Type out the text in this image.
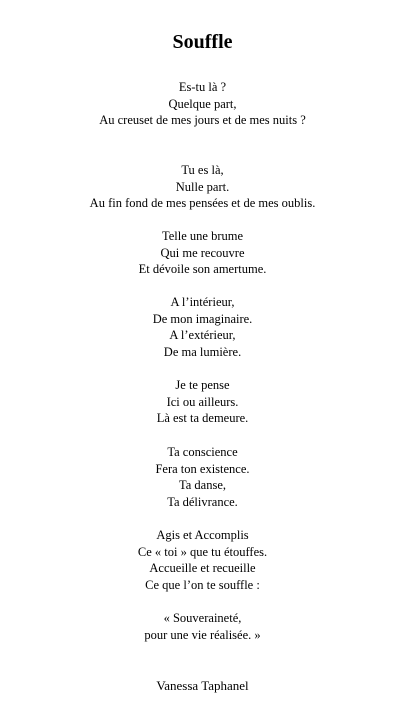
Souffle
Es-tu là ?
Quelque part,
Au creuset de mes jours et de mes nuits ?
Tu es là,
Nulle part.
Au fin fond de mes pensées et de mes oublis.
Telle une brume
Qui me recouvre
Et dévoile son amertume.
A l’intérieur,
De mon imaginaire.
A l’extérieur,
De ma lumière.
Je te pense
Ici ou ailleurs.
Là est ta demeure.
Ta conscience
Fera ton existence.
Ta danse,
Ta délivrance.
Agis et Accomplis
Ce « toi » que tu étouffes.
Accueille et recueille
Ce que l’on te souffle :
« Souveraineté,
pour une vie réalisée. »

Vanessa Taphanel
